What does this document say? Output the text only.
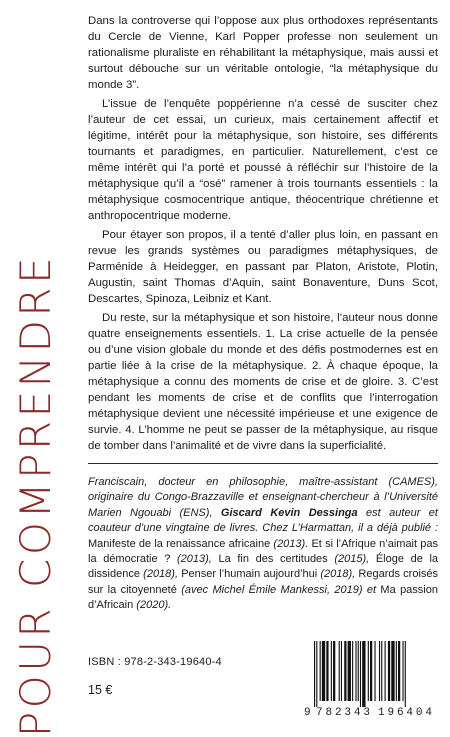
POUR COMPRENDRE

Dans la controverse qui l’oppose aux plus orthodoxes représentants du Cercle de Vienne, Karl Popper professe non seulement un rationalisme pluraliste en réhabilitant la métaphysique, mais aussi et surtout débouche sur un véritable ontologie, “la métaphysique du monde 3”.

L’issue de l’enquête poppérienne n’a cessé de susciter chez l’auteur de cet essai, un curieux, mais certainement affectif et légitime, intérêt pour la métaphysique, son histoire, ses différents tournants et paradigmes, en particulier. Naturellement, c’est ce même intérêt qui l’a porté et poussé à réfléchir sur l’histoire de la métaphysique qu’il a “osé” ramener à trois tournants essentiels : la métaphysique cosmocentrique antique, théocentrique chrétienne et anthropocentrique moderne.

Pour étayer son propos, il a tenté d’aller plus loin, en passant en revue les grands systèmes ou paradigmes métaphysiques, de Parménide à Heidegger, en passant par Platon, Aristote, Plotin, Augustin, saint Thomas d’Aquin, saint Bonaventure, Duns Scot, Descartes, Spinoza, Leibniz et Kant.

Du reste, sur la métaphysique et son histoire, l’auteur nous donne quatre enseignements essentiels. 1. La crise actuelle de la pensée ou d’une vision globale du monde et des défis postmodernes est en partie liée à la crise de la métaphysique. 2. À chaque époque, la métaphysique a connu des moments de crise et de gloire. 3. C’est pendant les moments de crise et de conflits que l’interrogation métaphysique devient une nécessité impérieuse et une exigence de survie. 4. L’homme ne peut se passer de la métaphysique, au risque de tomber dans l’animalité et de vivre dans la superficialité.

Franciscain, docteur en philosophie, maître-assistant (CAMES), originaire du Congo-Brazzaville et enseignant-chercheur à l’Université Marien Ngouabi (ENS), Giscard Kevin Dessinga est auteur et coauteur d’une vingtaine de livres. Chez L’Harmattan, il a déjà publié : Manifeste de la renaissance africaine (2013). Et si l’Afrique n’aimait pas la démocratie ? (2013), La fin des certitudes (2015), Éloge de la dissidence (2018), Penser l’humain aujourd’hui (2018), Regards croisés sur la citoyenneté (avec Michel Émile Mankessi, 2019) et Ma passion d’Africain (2020).

ISBN : 978-2-343-19640-4
15 €
9 782343 196404
